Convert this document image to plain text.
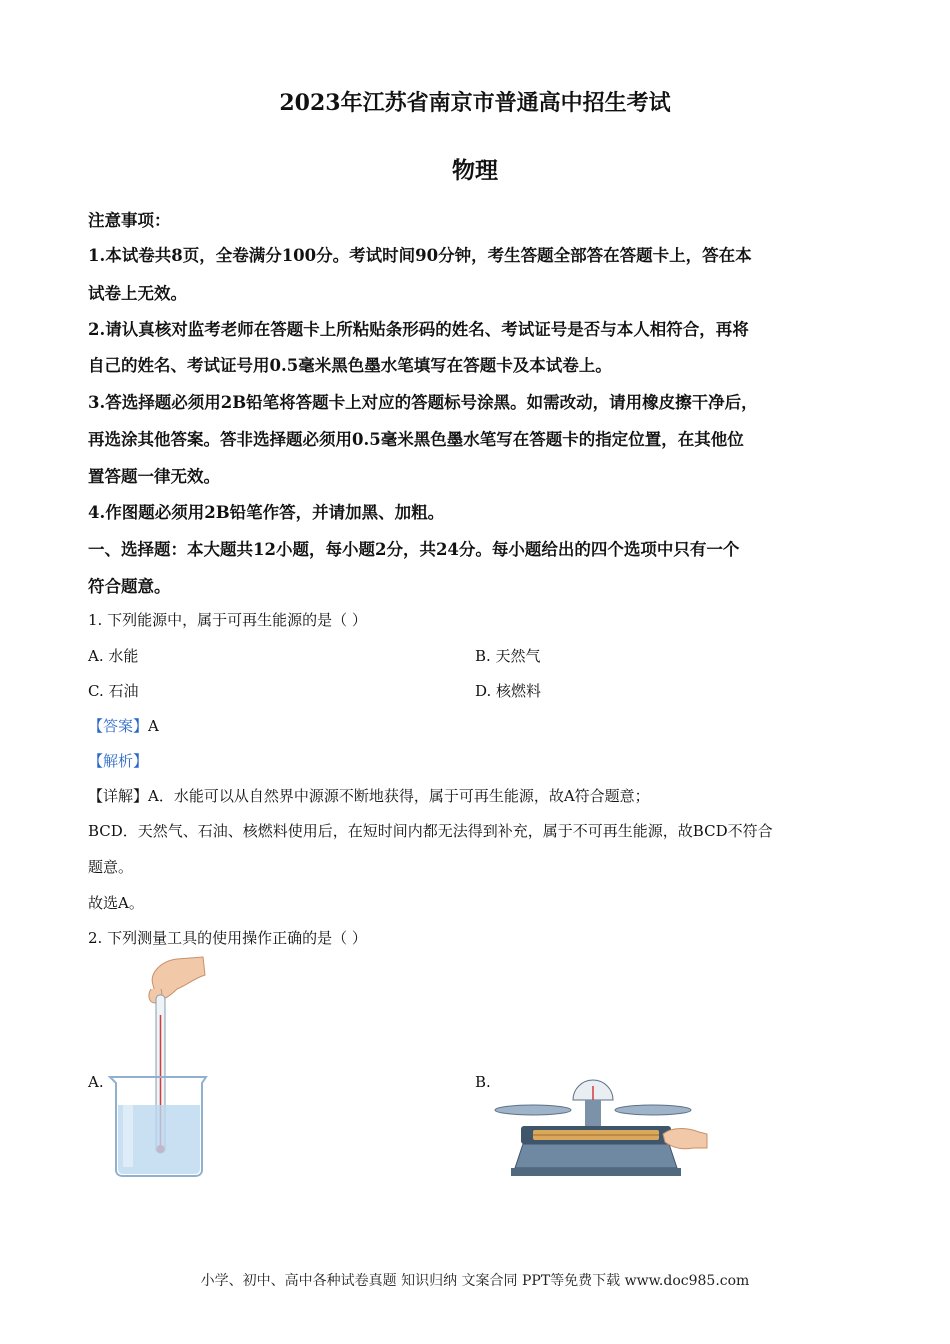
2023年江苏省南京市普通高中招生考试
物理
注意事项：
1.本试卷共8页，全卷满分100分。考试时间90分钟，考生答题全部答在答题卡上，答在本
试卷上无效。
2.请认真核对监考老师在答题卡上所粘贴条形码的姓名、考试证号是否与本人相符合，再将
自己的姓名、考试证号用0.5毫米黑色墨水笔填写在答题卡及本试卷上。
3.答选择题必须用2B铅笔将答题卡上对应的答题标号涂黑。如需改动，请用橡皮擦干净后，
再选涂其他答案。答非选择题必须用0.5毫米黑色墨水笔写在答题卡的指定位置，在其他位
置答题一律无效。
4.作图题必须用2B铅笔作答，并请加黑、加粗。
一、选择题：本大题共12小题，每小题2分，共24分。每小题给出的四个选项中只有一个
符合题意。
1. 下列能源中，属于可再生能源的是（ ）
A. 水能	B. 天然气
C. 石油	D. 核燃料
【答案】A
【解析】
【详解】A．水能可以从自然界中源源不断地获得，属于可再生能源，故A符合题意；
BCD．天然气、石油、核燃料使用后，在短时间内都无法得到补充，属于不可再生能源，故BCD不符合
题意。
故选A。
2. 下列测量工具的使用操作正确的是（ ）
A.	B.
小学、初中、高中各种试卷真题 知识归纳 文案合同 PPT等免费下载 www.doc985.com
